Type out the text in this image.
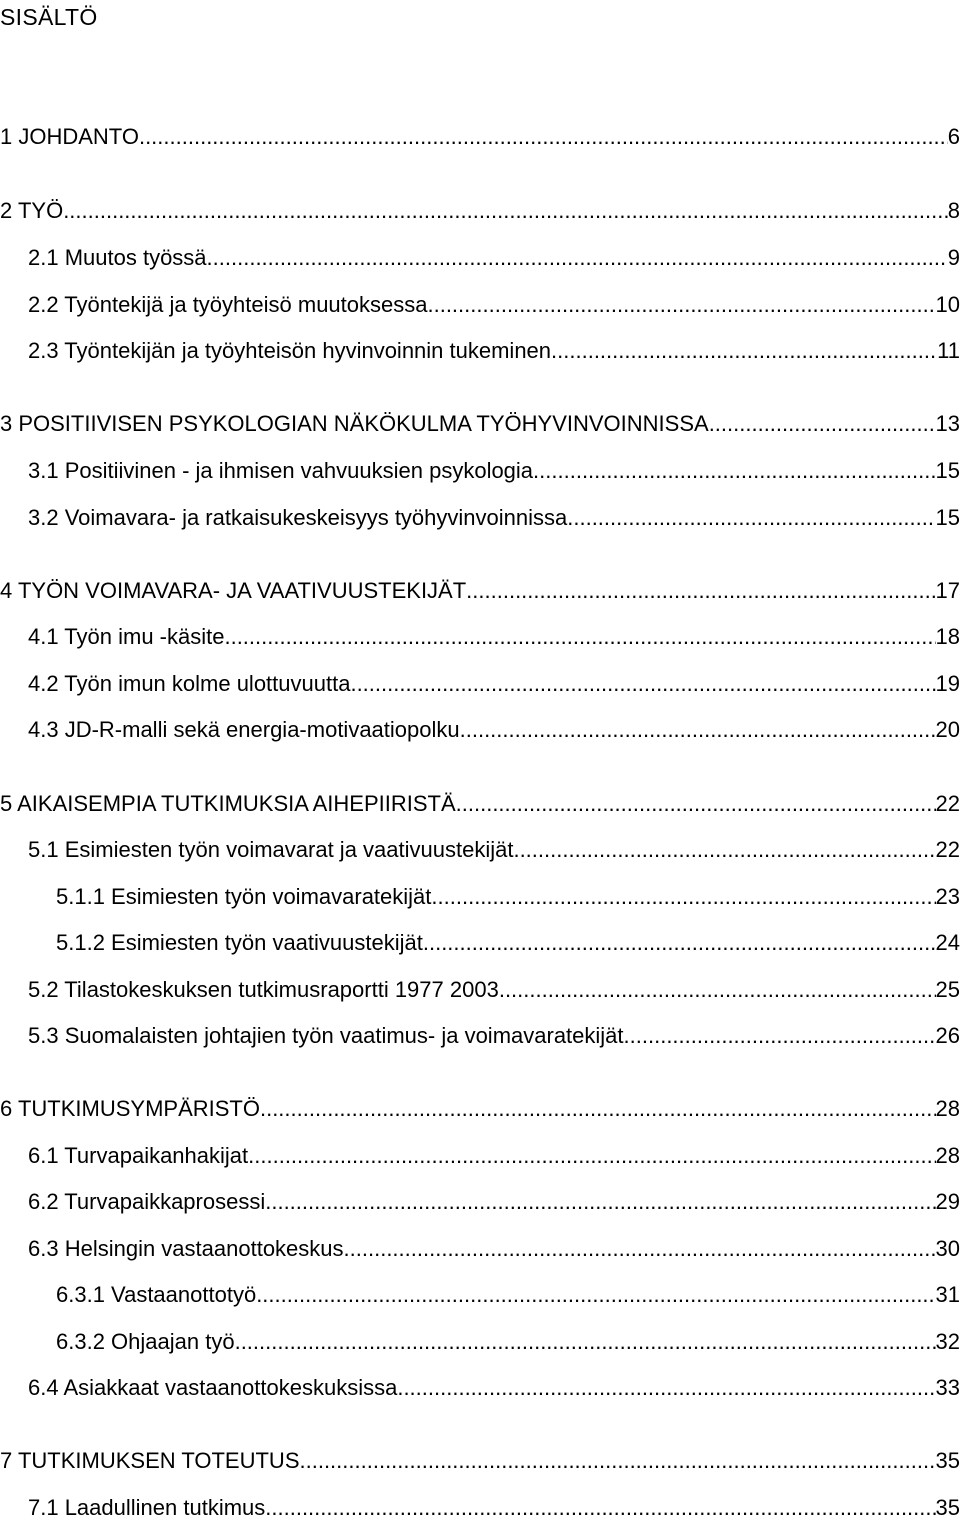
SISÄLTÖ
1 JOHDANTO .....	6
2 TYÖ .....	8
2.1 Muutos työssä .....	9
2.2 Työntekijä ja työyhteisö muutoksessa .....	10
2.3 Työntekijän ja työyhteisön hyvinvoinnin tukeminen .....	11
3 POSITIIVISEN PSYKOLOGIAN NÄKÖKULMA TYÖHYVINVOINNISSA .....	13
3.1 Positiivinen - ja ihmisen vahvuuksien psykologia .....	15
3.2 Voimavara- ja ratkaisukeskeisyys työhyvinvoinnissa .....	15
4 TYÖN VOIMAVARA- JA VAATIVUUSTEKIJÄT .....	17
4.1 Työn imu -käsite .....	18
4.2 Työn imun kolme ulottuvuutta .....	19
4.3 JD-R-malli sekä energia-motivaatiopolku .....	20
5 AIKAISEMPIA TUTKIMUKSIA AIHEPIIRISTÄ .....	22
5.1 Esimiesten työn voimavarat ja vaativuustekijät .....	22
5.1.1 Esimiesten työn voimavaratekijät .....	23
5.1.2 Esimiesten työn vaativuustekijät .....	24
5.2 Tilastokeskuksen tutkimusraportti 1977 2003 .....	25
5.3 Suomalaisten johtajien työn vaatimus- ja voimavaratekijät .....	26
6 TUTKIMUSYMPÄRISTÖ .....	28
6.1 Turvapaikanhakijat .....	28
6.2 Turvapaikkaprosessi .....	29
6.3 Helsingin vastaanottokeskus .....	30
6.3.1 Vastaanottotyö .....	31
6.3.2 Ohjaajan työ .....	32
6.4 Asiakkaat vastaanottokeskuksissa .....	33
7 TUTKIMUKSEN TOTEUTUS .....	35
7.1 Laadullinen tutkimus .....	35
